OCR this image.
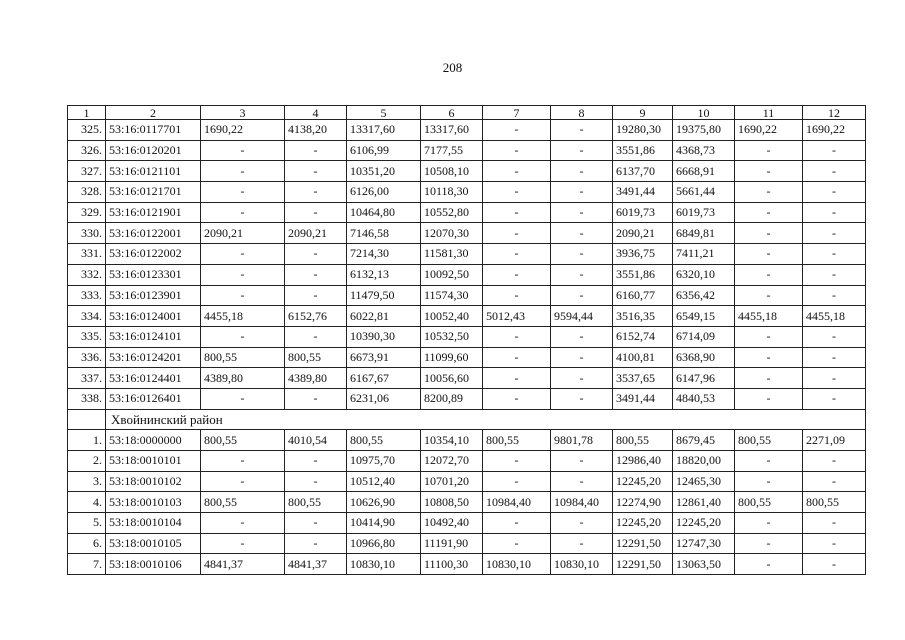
208
1	2	3	4	5	6	7	8	9	10	11	12
325.	53:16:0117701	1690,22	4138,20	13317,60	13317,60	-	-	19280,30	19375,80	1690,22	1690,22
326.	53:16:0120201	-	-	6106,99	7177,55	-	-	3551,86	4368,73	-	-
327.	53:16:0121101	-	-	10351,20	10508,10	-	-	6137,70	6668,91	-	-
328.	53:16:0121701	-	-	6126,00	10118,30	-	-	3491,44	5661,44	-	-
329.	53:16:0121901	-	-	10464,80	10552,80	-	-	6019,73	6019,73	-	-
330.	53:16:0122001	2090,21	2090,21	7146,58	12070,30	-	-	2090,21	6849,81	-	-
331.	53:16:0122002	-	-	7214,30	11581,30	-	-	3936,75	7411,21	-	-
332.	53:16:0123301	-	-	6132,13	10092,50	-	-	3551,86	6320,10	-	-
333.	53:16:0123901	-	-	11479,50	11574,30	-	-	6160,77	6356,42	-	-
334.	53:16:0124001	4455,18	6152,76	6022,81	10052,40	5012,43	9594,44	3516,35	6549,15	4455,18	4455,18
335.	53:16:0124101	-	-	10390,30	10532,50	-	-	6152,74	6714,09	-	-
336.	53:16:0124201	800,55	800,55	6673,91	11099,60	-	-	4100,81	6368,90	-	-
337.	53:16:0124401	4389,80	4389,80	6167,67	10056,60	-	-	3537,65	6147,96	-	-
338.	53:16:0126401	-	-	6231,06	8200,89	-	-	3491,44	4840,53	-	-
	Хвойнинский район										
1.	53:18:0000000	800,55	4010,54	800,55	10354,10	800,55	9801,78	800,55	8679,45	800,55	2271,09
2.	53:18:0010101	-	-	10975,70	12072,70	-	-	12986,40	18820,00	-	-
3.	53:18:0010102	-	-	10512,40	10701,20	-	-	12245,20	12465,30	-	-
4.	53:18:0010103	800,55	800,55	10626,90	10808,50	10984,40	10984,40	12274,90	12861,40	800,55	800,55
5.	53:18:0010104	-	-	10414,90	10492,40	-	-	12245,20	12245,20	-	-
6.	53:18:0010105	-	-	10966,80	11191,90	-	-	12291,50	12747,30	-	-
7.	53:18:0010106	4841,37	4841,37	10830,10	11100,30	10830,10	10830,10	12291,50	13063,50	-	-
